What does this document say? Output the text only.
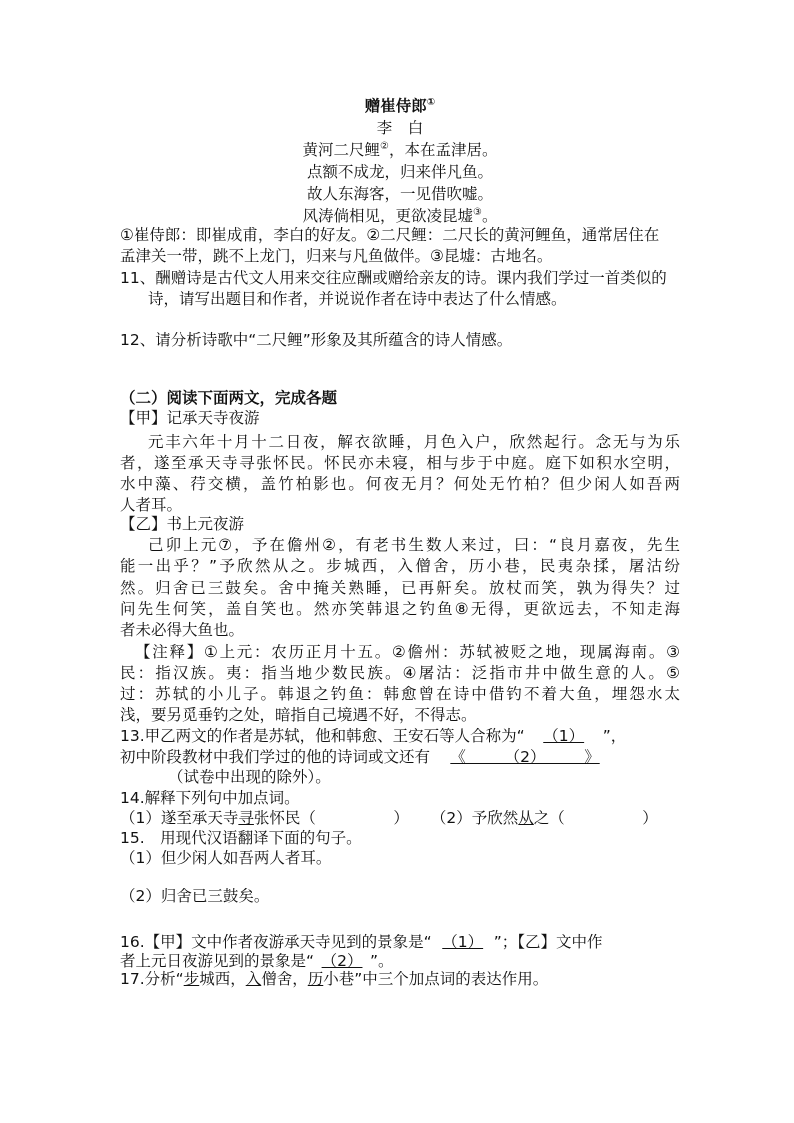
赠崔侍郎①
李　白
黄河二尺鲤②，本在孟津居。
点额不成龙，归来伴凡鱼。
故人东海客，一见借吹嘘。
风涛倘相见，更欲凌昆墟③。
①崔侍郎：即崔成甫，李白的好友。②二尺鲤：二尺长的黄河鲤鱼，通常居住在
孟津关一带，跳不上龙门，归来与凡鱼做伴。③昆墟：古地名。
11、酬赠诗是古代文人用来交往应酬或赠给亲友的诗。课内我们学过一首类似的
诗，请写出题目和作者，并说说作者在诗中表达了什么情感。
12、请分析诗歌中“二尺鲤”形象及其所蕴含的诗人情感。
（二）阅读下面两文，完成各题
【甲】记承天寺夜游
元丰六年十月十二日夜，解衣欲睡，月色入户，欣然起行。念无与为乐
者，遂至承天寺寻张怀民。怀民亦未寝，相与步于中庭。庭下如积水空明，
水中藻、荇交横，盖竹柏影也。何夜无月？何处无竹柏？但少闲人如吾两
人者耳。
【乙】书上元夜游
己卯上元⑦，予在儋州②，有老书生数人来过，曰：“良月嘉夜，先生
能一出乎？”予欣然从之。步城西，入僧舍，历小巷，民夷杂揉，屠沽纷
然。归舍已三鼓矣。舍中掩关熟睡，已再鼾矣。放杖而笑，孰为得失？过
问先生何笑，盖自笑也。然亦笑韩退之钓鱼⑧无得，更欲远去，不知走海
者未必得大鱼也。
【注释】①上元：农历正月十五。②儋州：苏轼被贬之地，现属海南。③
民：指汉族。夷：指当地少数民族。④屠沽：泛指市井中做生意的人。⑤
过：苏轼的小儿子。韩退之钓鱼：韩愈曾在诗中借钓不着大鱼，埋怨水太
浅，要另觅垂钓之处，暗指自己境遇不好，不得志。
13.甲乙两文的作者是苏轼，他和韩愈、王安石等人合称为“ （1） ”，
初中阶段教材中我们学过的他的诗词或文还有 《　　　（2）　　　》
（试卷中出现的除外）。
14.解释下列句中加点词。
（1）遂至承天寺寻张怀民（　　　　　） （2）予欣然从之（　　　　　）
15.　用现代汉语翻译下面的句子。
（1）但少闲人如吾两人者耳。
（2）归舍已三鼓矣。
16.【甲】文中作者夜游承天寺见到的景象是“ （1） ”；【乙】文中作
者上元日夜游见到的景象是“ （2） ”。
17.分析“步城西，入僧舍，历小巷”中三个加点词的表达作用。
